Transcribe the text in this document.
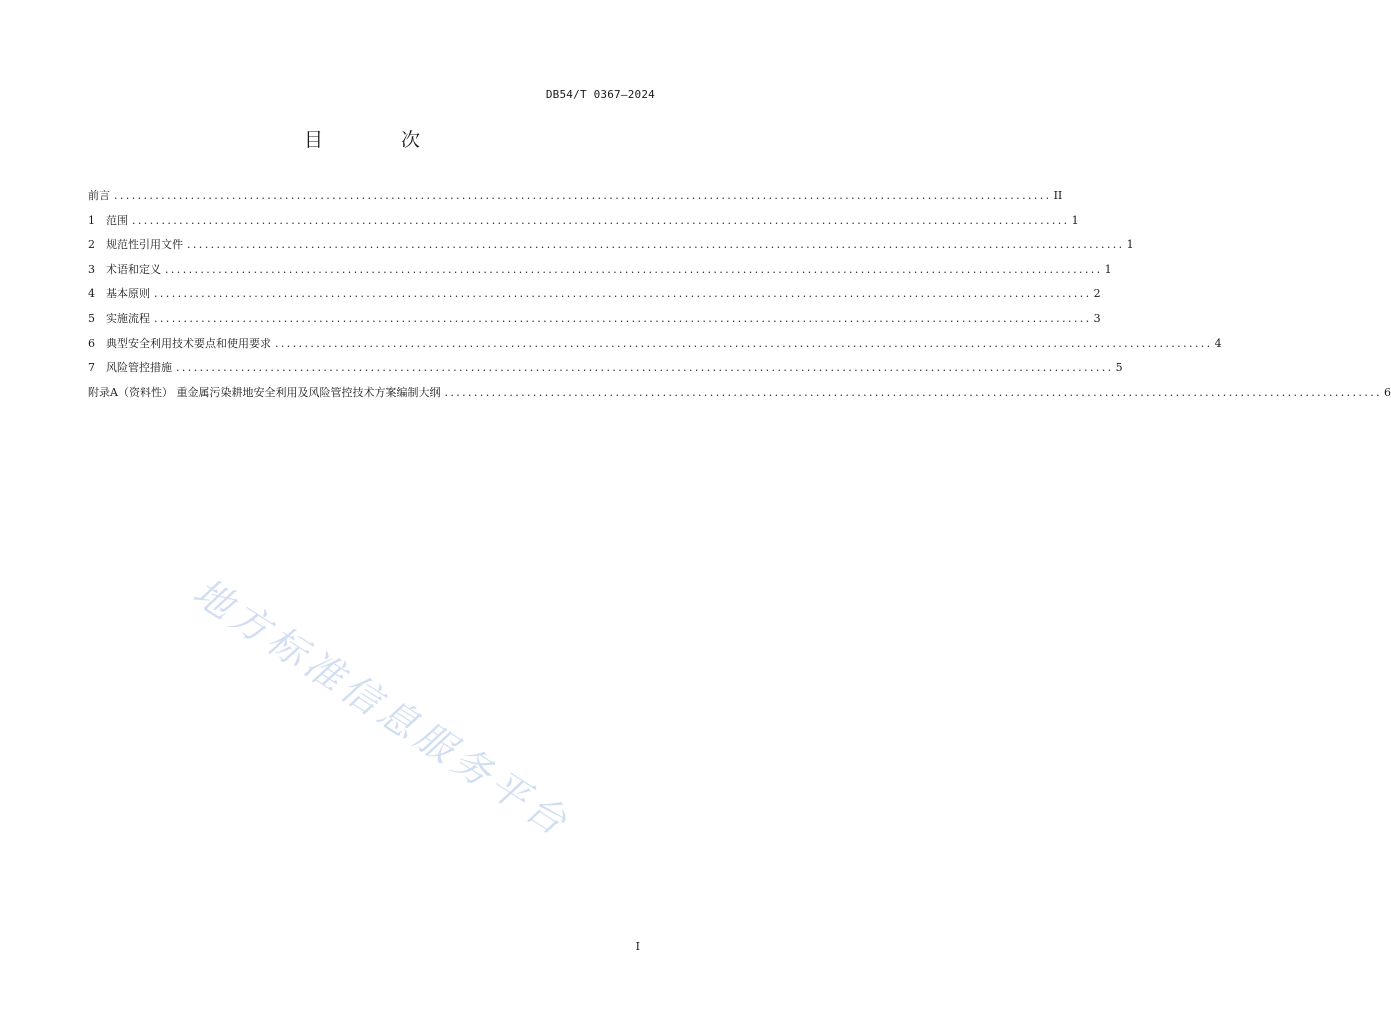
DB54/T 0367—2024
目 次
前言 ............................................................................................................................................................... II
1	范围 ............................................................................................................................................................... 1
2	规范性引用文件 ............................................................................................................................................................... 1
3	术语和定义 ............................................................................................................................................................... 1
4	基本原则 ............................................................................................................................................................... 2
5	实施流程 ............................................................................................................................................................... 3
6	典型安全利用技术要点和使用要求 ............................................................................................................................................................... 4
7	风险管控措施 ............................................................................................................................................................... 5
附录A（资料性） 重金属污染耕地安全利用及风险管控技术方案编制大纲 ............................................................................................................................................................... 6
地方标准信息服务平台
I
